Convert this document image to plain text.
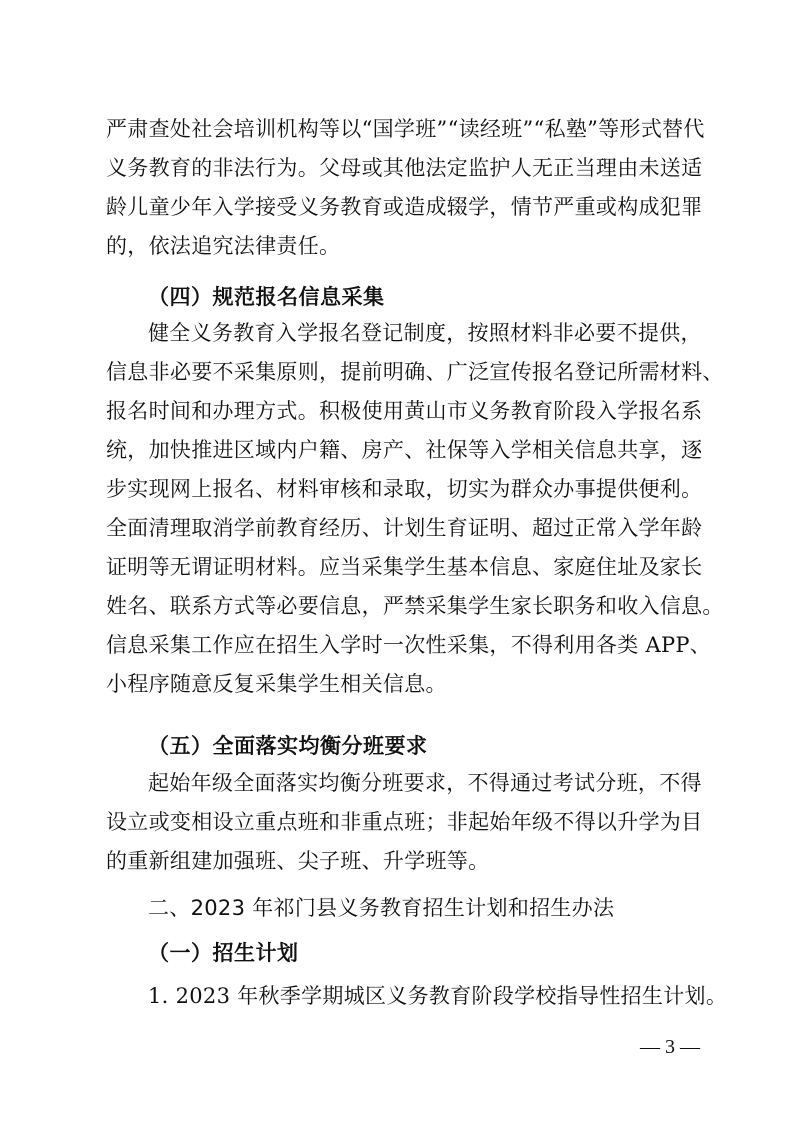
严肃查处社会培训机构等以“国学班”“读经班”“私塾”等形式替代
义务教育的非法行为。父母或其他法定监护人无正当理由未送适
龄儿童少年入学接受义务教育或造成辍学，情节严重或构成犯罪
的，依法追究法律责任。
（四）规范报名信息采集
健全义务教育入学报名登记制度，按照材料非必要不提供，
信息非必要不采集原则，提前明确、广泛宣传报名登记所需材料、
报名时间和办理方式。积极使用黄山市义务教育阶段入学报名系
统，加快推进区域内户籍、房产、社保等入学相关信息共享，逐
步实现网上报名、材料审核和录取，切实为群众办事提供便利。
全面清理取消学前教育经历、计划生育证明、超过正常入学年龄
证明等无谓证明材料。应当采集学生基本信息、家庭住址及家长
姓名、联系方式等必要信息，严禁采集学生家长职务和收入信息。
信息采集工作应在招生入学时一次性采集，不得利用各类 APP、
小程序随意反复采集学生相关信息。
（五）全面落实均衡分班要求
起始年级全面落实均衡分班要求，不得通过考试分班，不得
设立或变相设立重点班和非重点班；非起始年级不得以升学为目
的重新组建加强班、尖子班、升学班等。
二、2023 年祁门县义务教育招生计划和招生办法
（一）招生计划
1. 2023 年秋季学期城区义务教育阶段学校指导性招生计划。
— 3 —
